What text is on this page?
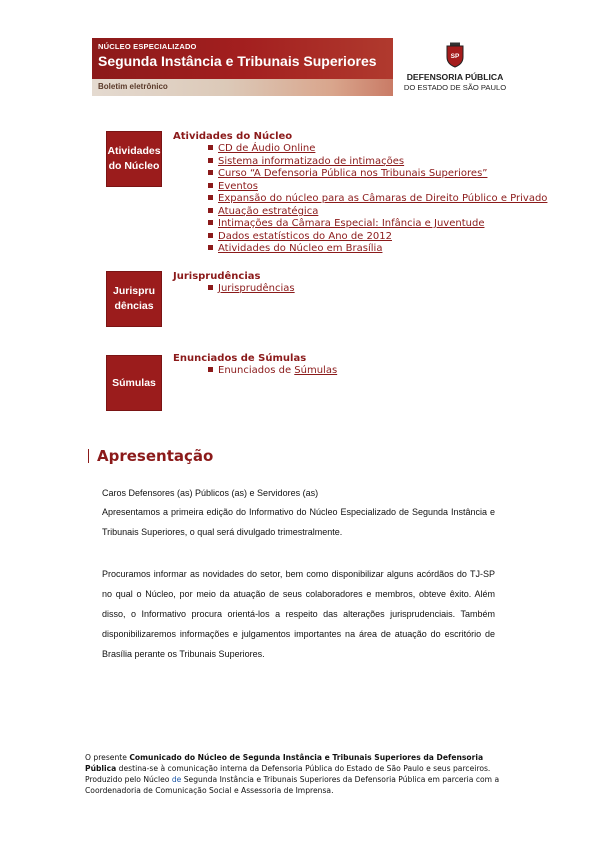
NÚCLEO ESPECIALIZADO
Segunda Instância e Tribunais Superiores
Boletim eletrônico
SP
DEFENSORIA PÚBLICA
DO ESTADO DE SÃO PAULO
Atividades
do Núcleo
Atividades do Núcleo
CD de Áudio Online
Sistema informatizado de intimações
Curso “A Defensoria Pública nos Tribunais Superiores”
Eventos
Expansão do núcleo para as Câmaras de Direito Público e Privado
Atuação estratégica
Intimações da Câmara Especial: Infância e Juventude
Dados estatísticos do Ano de 2012
Atividades do Núcleo em Brasília
Jurispru
dências
Jurisprudências
Jurisprudências
Súmulas
Enunciados de Súmulas
Enunciados de Súmulas
Apresentação
Caros Defensores (as) Públicos (as) e Servidores (as)
Apresentamos a primeira edição do Informativo do Núcleo Especializado de Segunda Instância e Tribunais Superiores, o qual será divulgado trimestralmente.
Procuramos informar as novidades do setor, bem como disponibilizar alguns acórdãos do TJ-SP no qual o Núcleo, por meio da atuação de seus colaboradores e membros, obteve êxito. Além disso, o Informativo procura orientá-los a respeito das alterações jurisprudenciais. Também disponibilizaremos informações e julgamentos importantes na área de atuação do escritório de Brasília perante os Tribunais Superiores.
O presente Comunicado do Núcleo de Segunda Instância e Tribunais Superiores da Defensoria Pública destina-se à comunicação interna da Defensoria Pública do Estado de São Paulo e seus parceiros. Produzido pelo Núcleo de Segunda Instância e Tribunais Superiores da Defensoria Pública em parceria com a Coordenadoria de Comunicação Social e Assessoria de Imprensa.
